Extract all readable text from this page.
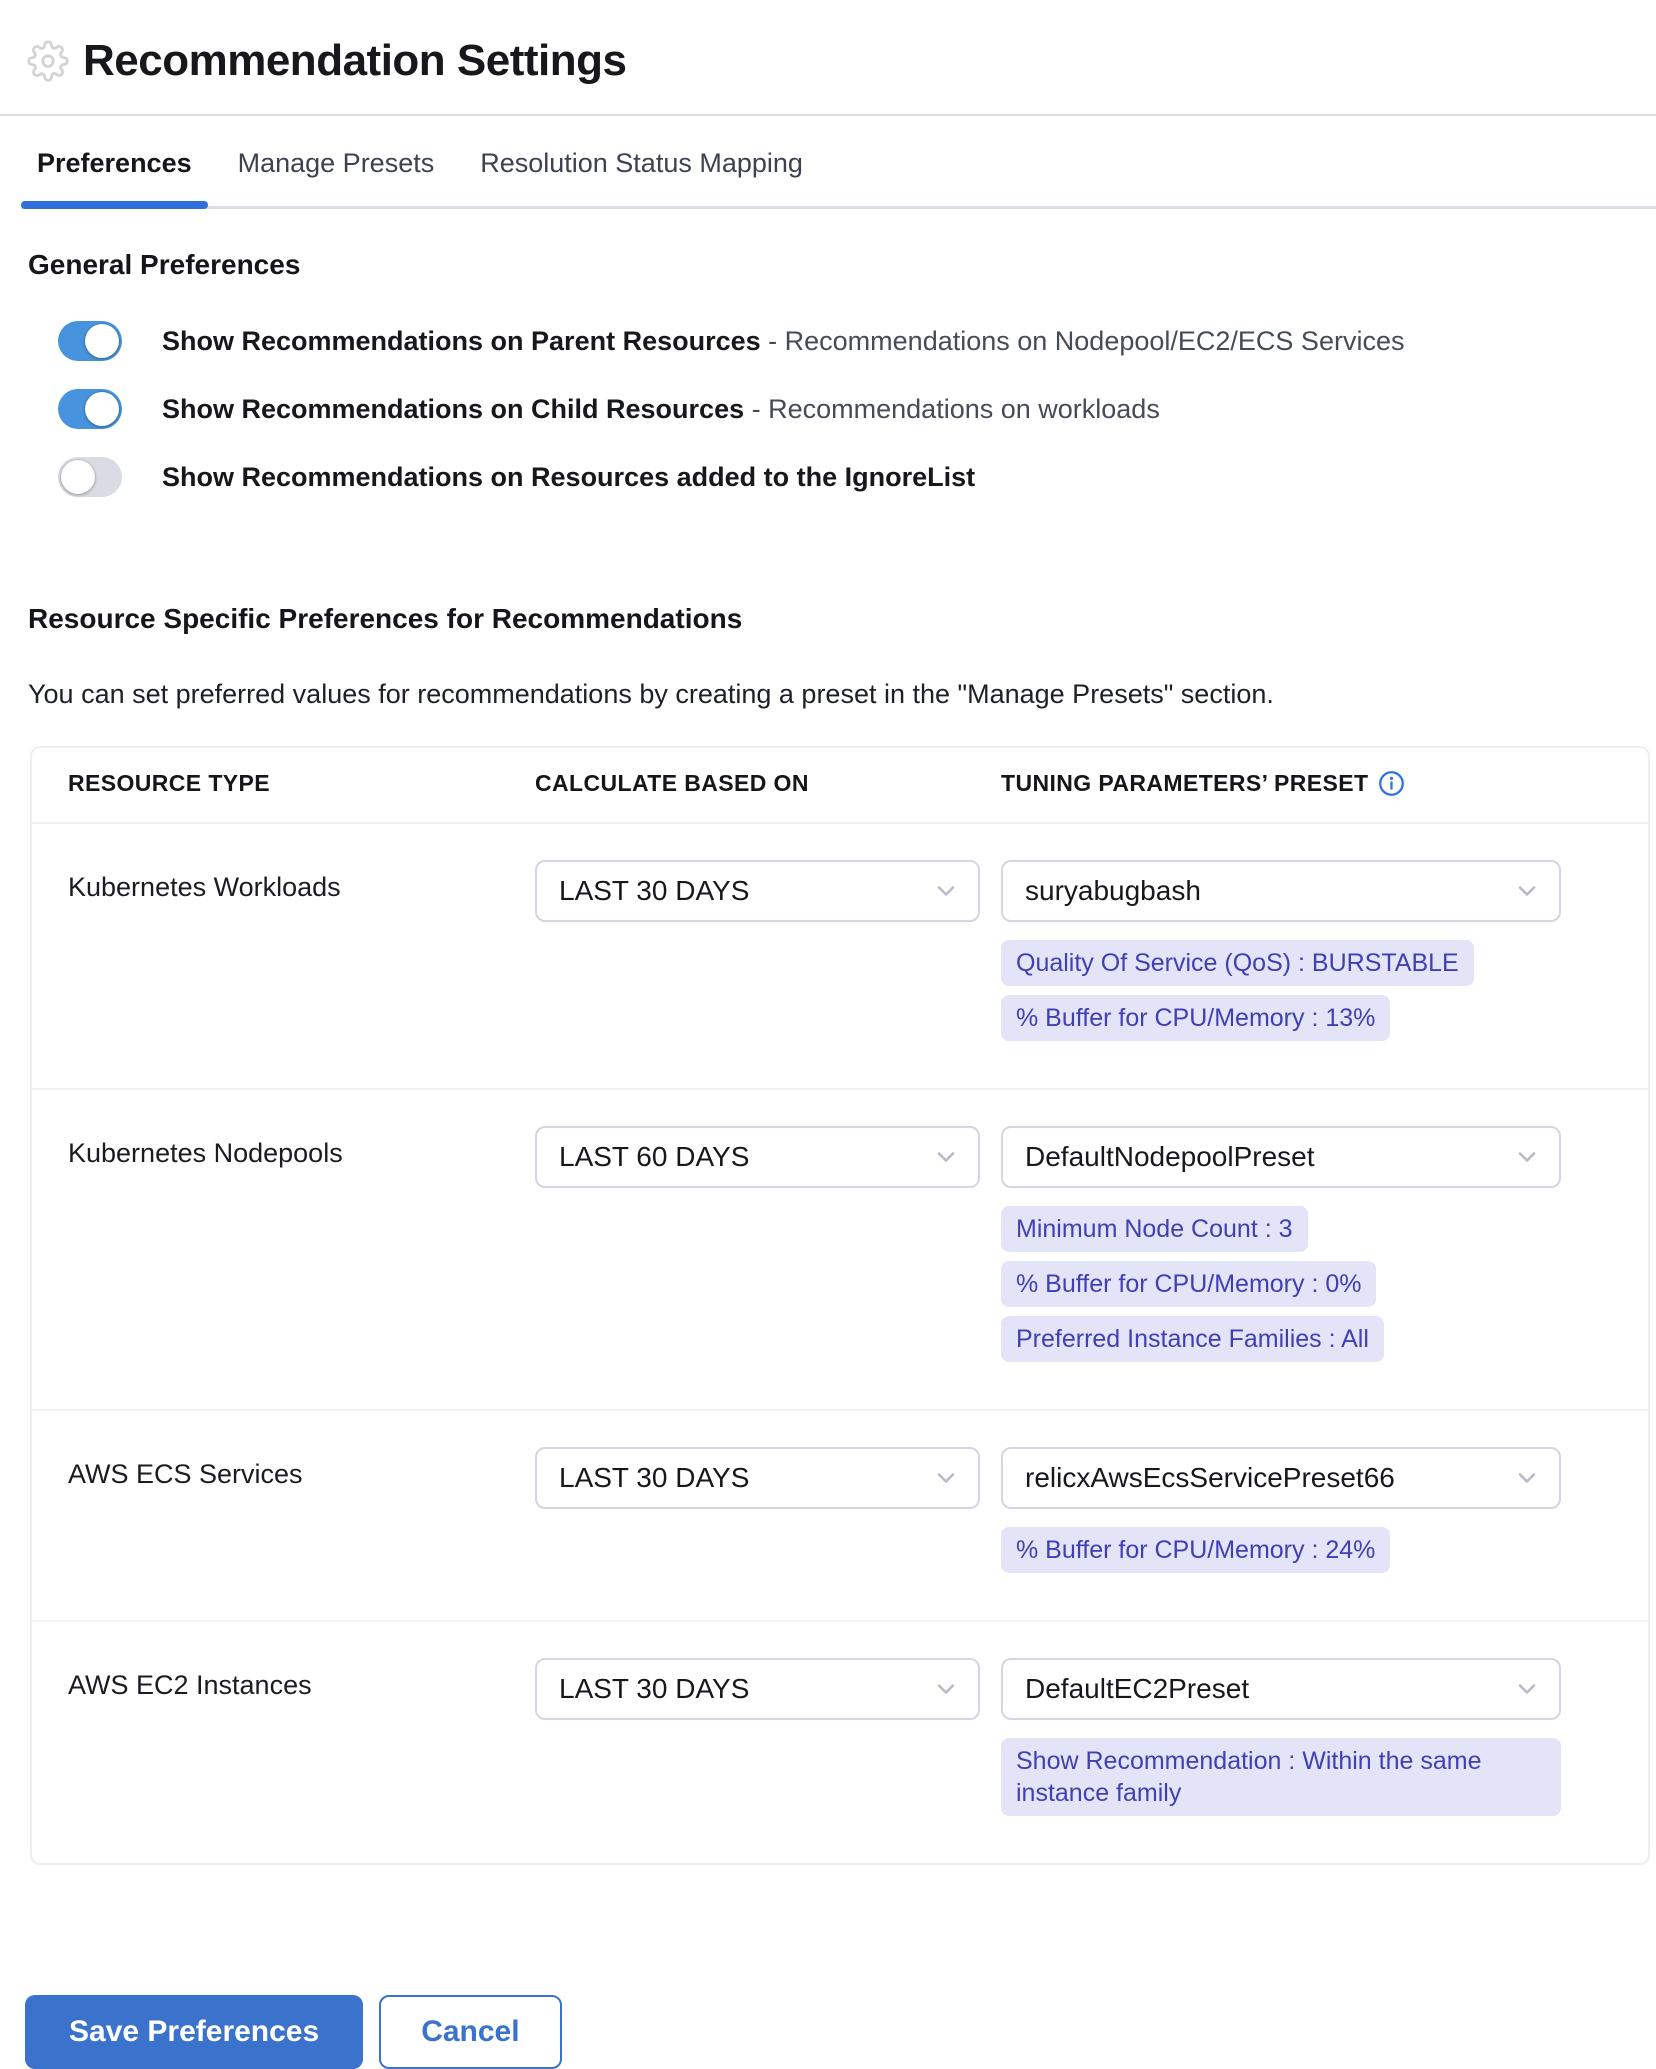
Recommendation Settings
Preferences	Manage Presets	Resolution Status Mapping
General Preferences
Show Recommendations on Parent Resources - Recommendations on Nodepool/EC2/ECS Services
Show Recommendations on Child Resources - Recommendations on workloads
Show Recommendations on Resources added to the IgnoreList
Resource Specific Preferences for Recommendations

You can set preferred values for recommendations by creating a preset in the "Manage Presets" section.

RESOURCE TYPE	CALCULATE BASED ON	TUNING PARAMETERS’ PRESET
Kubernetes Workloads	LAST 30 DAYS	suryabugbash
Quality Of Service (QoS) : BURSTABLE
% Buffer for CPU/Memory : 13%
Kubernetes Nodepools	LAST 60 DAYS	DefaultNodepoolPreset
Minimum Node Count : 3
% Buffer for CPU/Memory : 0%
Preferred Instance Families : All
AWS ECS Services	LAST 30 DAYS	relicxAwsEcsServicePreset66
% Buffer for CPU/Memory : 24%
AWS EC2 Instances	LAST 30 DAYS	DefaultEC2Preset
Show Recommendation : Within the same instance family
Save Preferences	Cancel
